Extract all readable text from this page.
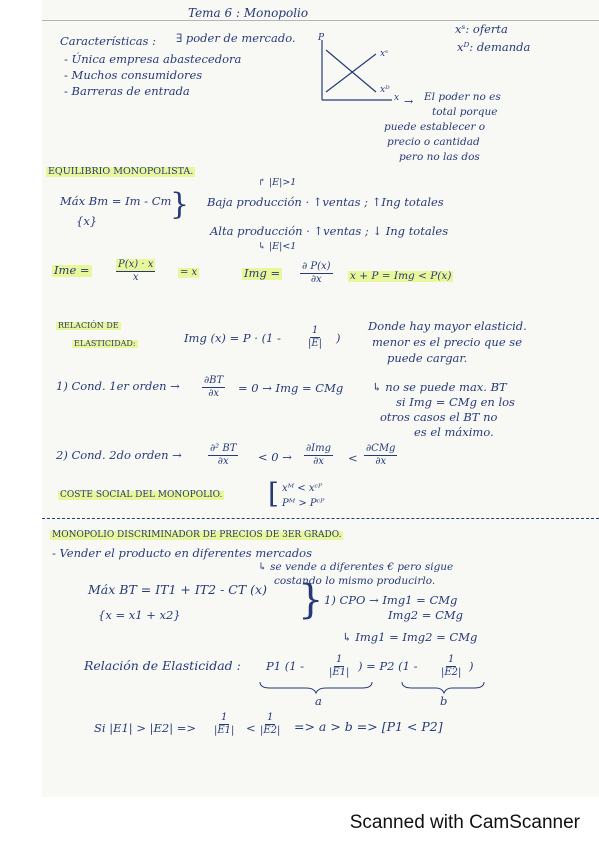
Tema 6 : Monopolio
Características : ∃ poder de mercado.
- Única empresa abastecedora
- Muchos consumidores
- Barreras de entrada
P
xˢ
xᴰ
x
xˢ: oferta
xᴰ: demanda
→ El poder no es
total porque
puede establecer o
precio o cantidad
pero no las dos
EQUILIBRIO MONOPOLISTA.
↱ |E|>1
Máx Bт = Iт - Cт
{x} } Baja producción · ↑ventas ; ↑Ing totales
Alta producción · ↑ventas ; ↓ Ing totales
↳ |E|<1
Ime =	$\frac{P(x) \cdot x}{x} = x$	Img = $\frac{\partial P(x)}{\partial x}$ x + P = Img < P(x)
RELACIÓN DE
ELASTICIDAD:	Img (x) = P · (1 -	$\frac{1}{|E|}$ )
Donde hay mayor elasticid.
menor es el precio que se
puede cargar.
1) Cond. 1er orden → $\frac{\partial BT}{\partial x} = 0$ → Img = CMg	↳ no se puede max. BT
si Img = CMg en los
otros casos el BT no
es el máximo.
2) Cond. 2do orden →	$\frac{\text{∂² BT}}{\partial x} < 0$ →
∂Img
∂x <
∂CMg
∂x
COSTE SOCIAL DEL MONOPOLIO. [ xᴹ < xᶜᴾ
Pᴹ > Pᶜᴾ
MONOPOLIO DISCRIMINADOR DE PRECIOS DE 3ER GRADO.
- Vender el producto en diferentes mercados
↳ se vende a diferentes € pero sigue
costando lo mismo producirlo.
Máx BT = IT1 + IT2 - CT (x)
{x = x1 + x2}	} 1) CPO → Img1 = CMg
Img2 = CMg
↳ Img1 = Img2 = CMg
Relación de Elasticidad : P1 ($1 - \frac{1}{|E1|}$ ) = P2 ($1 - \frac{1}{|E2|}$ )
a	b
Si $|E1| > |E2| => \frac{1}{|E1|} < \frac{1}{|E2|} => a > b => [P1 < P2]$
Scanned with CamScanner
